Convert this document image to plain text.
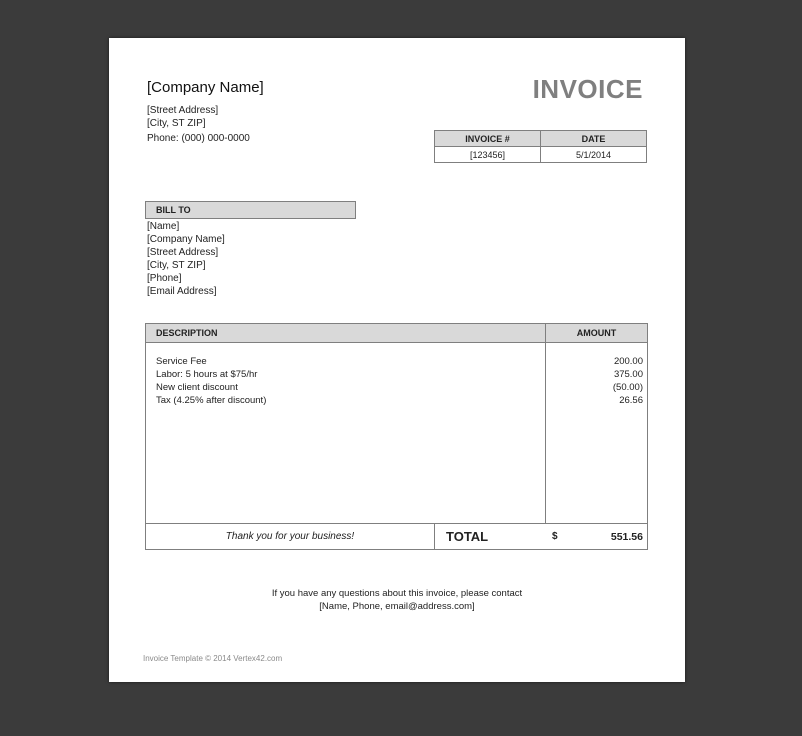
[Company Name]
[Street Address]
[City, ST ZIP]
Phone: (000) 000-0000
INVOICE
INVOICE #	DATE
[123456]	5/1/2014
BILL TO
[Name]
[Company Name]
[Street Address]
[City, ST ZIP]
[Phone]
[Email Address]
DESCRIPTION	AMOUNT
Service Fee	200.00
Labor: 5 hours at $75/hr	375.00
New client discount	(50.00)
Tax (4.25% after discount)	26.56
Thank you for your business!	TOTAL	$	551.56
If you have any questions about this invoice, please contact
[Name, Phone, email@address.com]
Invoice Template © 2014 Vertex42.com
